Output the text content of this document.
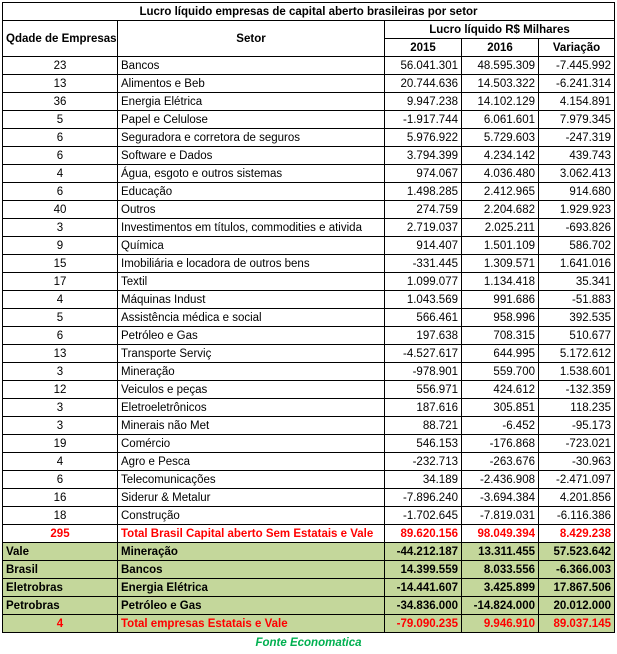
Lucro líquido empresas de capital aberto brasileiras por setor				
Qdade de Empresas	Setor	Lucro líquido R$ Milhares		
		2015	2016	Variação
23	Bancos	56.041.301	48.595.309	-7.445.992
13	Alimentos e Beb	20.744.636	14.503.322	-6.241.314
36	Energia Elétrica	9.947.238	14.102.129	4.154.891
5	Papel e Celulose	-1.917.744	6.061.601	7.979.345
6	Seguradora e corretora de seguros	5.976.922	5.729.603	-247.319
6	Software e Dados	3.794.399	4.234.142	439.743
4	Água, esgoto e outros sistemas	974.067	4.036.480	3.062.413
6	Educação	1.498.285	2.412.965	914.680
40	Outros	274.759	2.204.682	1.929.923
3	Investimentos em títulos, commodities e ativida	2.719.037	2.025.211	-693.826
9	Química	914.407	1.501.109	586.702
15	Imobiliária e locadora de outros bens	-331.445	1.309.571	1.641.016
17	Textil	1.099.077	1.134.418	35.341
4	Máquinas Indust	1.043.569	991.686	-51.883
5	Assistência médica e social	566.461	958.996	392.535
6	Petróleo e Gas	197.638	708.315	510.677
13	Transporte Serviç	-4.527.617	644.995	5.172.612
3	Mineração	-978.901	559.700	1.538.601
12	Veiculos e peças	556.971	424.612	-132.359
3	Eletroeletrônicos	187.616	305.851	118.235
3	Minerais não Met	88.721	-6.452	-95.173
19	Comércio	546.153	-176.868	-723.021
4	Agro e Pesca	-232.713	-263.676	-30.963
6	Telecomunicações	34.189	-2.436.908	-2.471.097
16	Siderur & Metalur	-7.896.240	-3.694.384	4.201.856
18	Construção	-1.702.645	-7.819.031	-6.116.386
295	Total Brasil Capital aberto Sem Estatais e Vale	89.620.156	98.049.394	8.429.238
Vale	Mineração	-44.212.187	13.311.455	57.523.642
Brasil	Bancos	14.399.559	8.033.556	-6.366.003
Eletrobras	Energia Elétrica	-14.441.607	3.425.899	17.867.506
Petrobras	Petróleo e Gas	-34.836.000	-14.824.000	20.012.000
4	Total empresas Estatais e Vale	-79.090.235	9.946.910	89.037.145
Fonte Economatica				
